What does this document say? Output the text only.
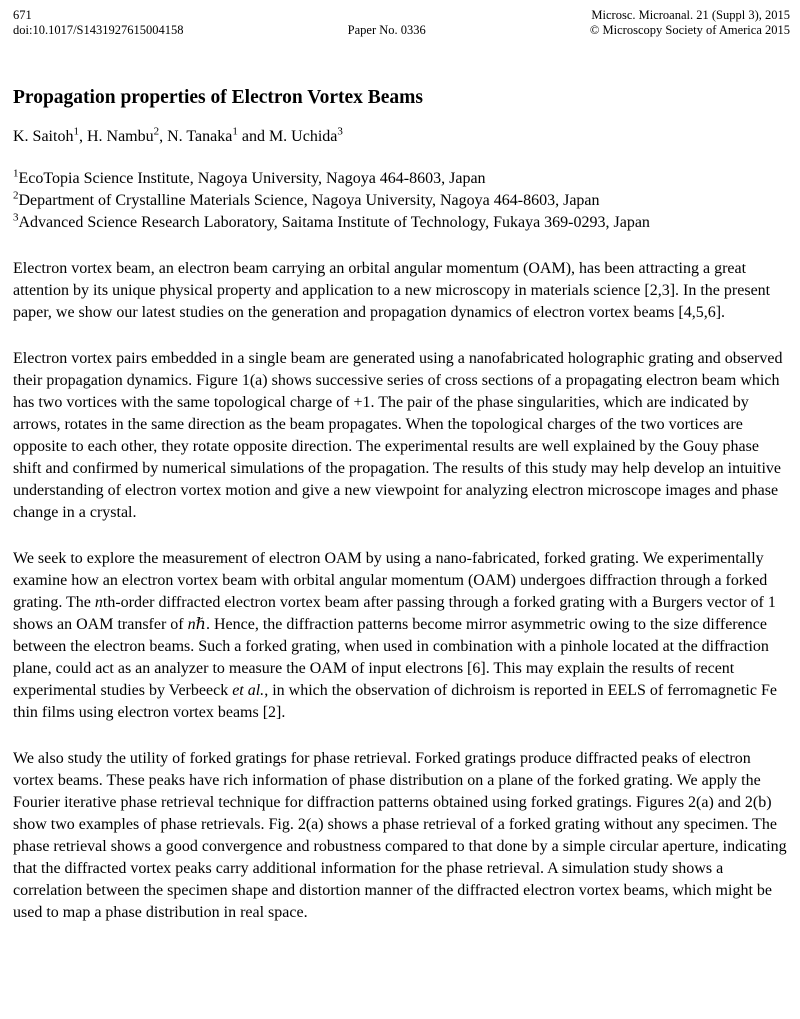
671
doi:10.1017/S1431927615004158	Paper No. 0336
Microsc. Microanal. 21 (Suppl 3), 2015
© Microscopy Society of America 2015
Propagation properties of Electron Vortex Beams

K. Saitoh$^1$, H. Nambu$^2$, N. Tanaka$^1$ and M. Uchida$^3$

$^1$EcoTopia Science Institute, Nagoya University, Nagoya 464-8603, Japan

$^2$Department of Crystalline Materials Science, Nagoya University, Nagoya 464-8603, Japan

$^3$Advanced Science Research Laboratory, Saitama Institute of Technology, Fukaya 369-0293, Japan

Electron vortex beam, an electron beam carrying an orbital angular momentum (OAM), has been attracting a great attention by its unique physical property and application to a new microscopy in materials science [2,3]. In the present paper, we show our latest studies on the generation and propagation dynamics of electron vortex beams [4,5,6].

Electron vortex pairs embedded in a single beam are generated using a nanofabricated holographic grating and observed their propagation dynamics. Figure 1(a) shows successive series of cross sections of a propagating electron beam which has two vortices with the same topological charge of +1. The pair of the phase singularities, which are indicated by arrows, rotates in the same direction as the beam propagates. When the topological charges of the two vortices are opposite to each other, they rotate opposite direction. The experimental results are well explained by the Gouy phase shift and confirmed by numerical simulations of the propagation. The results of this study may help develop an intuitive understanding of electron vortex motion and give a new viewpoint for analyzing electron microscope images and phase change in a crystal.

We seek to explore the measurement of electron OAM by using a nano-fabricated, forked grating. We experimentally examine how an electron vortex beam with orbital angular momentum (OAM) undergoes diffraction through a forked grating. The nth-order diffracted electron vortex beam after passing through a forked grating with a Burgers vector of 1 shows an OAM transfer of nℏ. Hence, the diffraction patterns become mirror asymmetric owing to the size difference between the electron beams. Such a forked grating, when used in combination with a pinhole located at the diffraction plane, could act as an analyzer to measure the OAM of input electrons [6]. This may explain the results of recent experimental studies by Verbeeck et al., in which the observation of dichroism is reported in EELS of ferromagnetic Fe thin films using electron vortex beams [2].

We also study the utility of forked gratings for phase retrieval. Forked gratings produce diffracted peaks of electron vortex beams. These peaks have rich information of phase distribution on a plane of the forked grating. We apply the Fourier iterative phase retrieval technique for diffraction patterns obtained using forked gratings. Figures 2(a) and 2(b) show two examples of phase retrievals. Fig. 2(a) shows a phase retrieval of a forked grating without any specimen. The phase retrieval shows a good convergence and robustness compared to that done by a simple circular aperture, indicating that the diffracted vortex peaks carry additional information for the phase retrieval. A simulation study shows a correlation between the specimen shape and distortion manner of the diffracted electron vortex beams, which might be used to map a phase distribution in real space.
